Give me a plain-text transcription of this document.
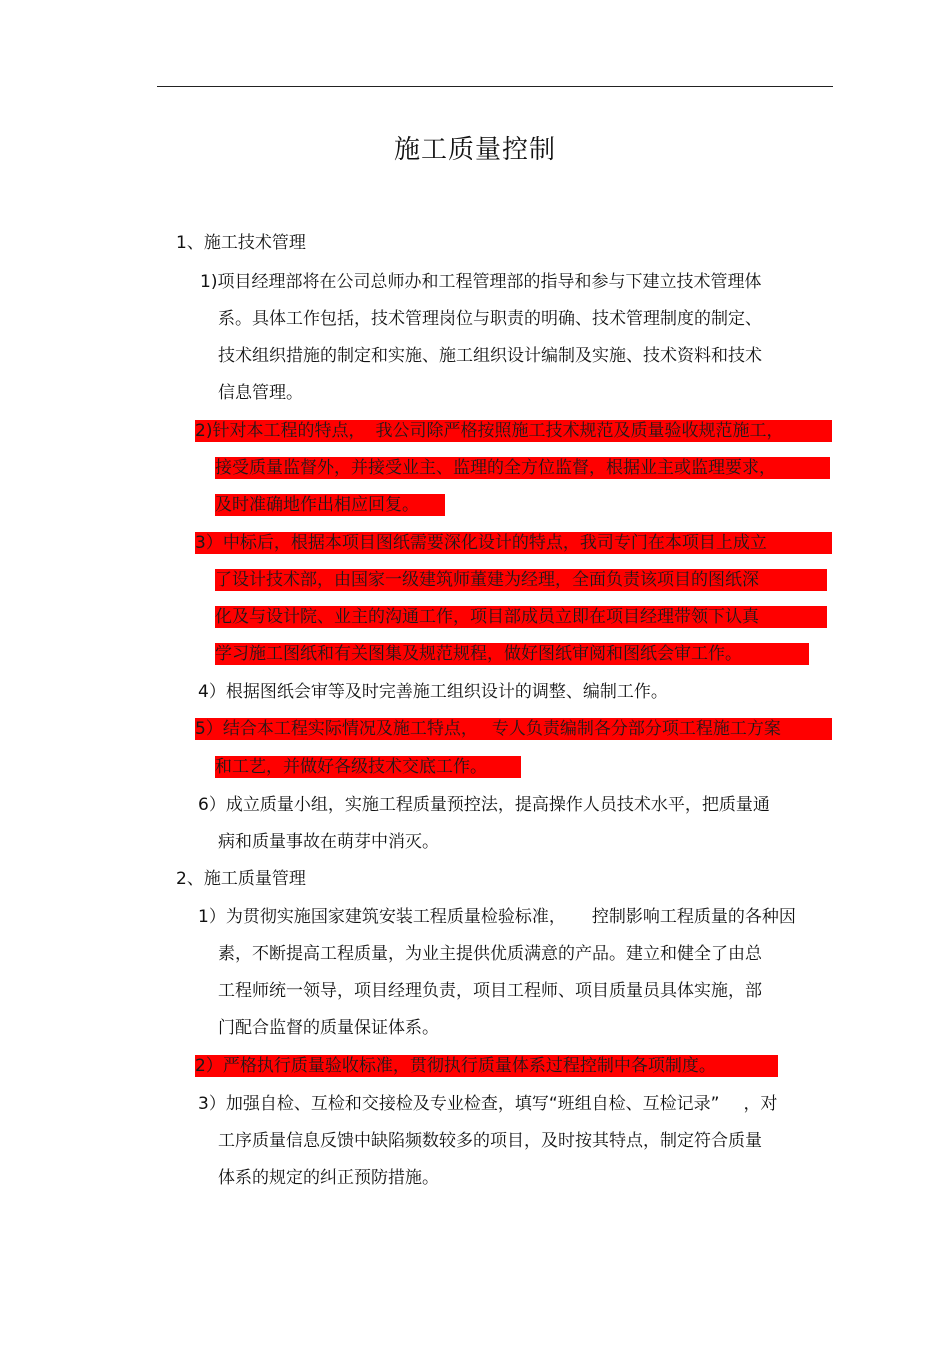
施工质量控制
1、施工技术管理
1)项目经理部将在公司总师办和工程管理部的指导和参与下建立技术管理体
系。具体工作包括，技术管理岗位与职责的明确、技术管理制度的制定、
技术组织措施的制定和实施、施工组织设计编制及实施、技术资料和技术
信息管理。
2)针对本工程的特点， 我公司除严格按照施工技术规范及质量验收规范施工，
接受质量监督外，并接受业主、监理的全方位监督，根据业主或监理要求，
及时准确地作出相应回复。
3）中标后，根据本项目图纸需要深化设计的特点，我司专门在本项目上成立
了设计技术部，由国家一级建筑师董建为经理，全面负责该项目的图纸深
化及与设计院、业主的沟通工作，项目部成员立即在项目经理带领下认真
学习施工图纸和有关图集及规范规程，做好图纸审阅和图纸会审工作。
4）根据图纸会审等及时完善施工组织设计的调整、编制工作。
5）结合本工程实际情况及施工特点， 专人负责编制各分部分项工程施工方案
和工艺，并做好各级技术交底工作。
6）成立质量小组，实施工程质量预控法，提高操作人员技术水平，把质量通
病和质量事故在萌芽中消灭。
2、施工质量管理
1）为贯彻实施国家建筑安装工程质量检验标准， 控制影响工程质量的各种因
素，不断提高工程质量，为业主提供优质满意的产品。建立和健全了由总
工程师统一领导，项目经理负责，项目工程师、项目质量员具体实施，部
门配合监督的质量保证体系。
2）严格执行质量验收标准，贯彻执行质量体系过程控制中各项制度。
3）加强自检、互检和交接检及专业检查，填写“班组自检、互检记录” ，对
工序质量信息反馈中缺陷频数较多的项目，及时按其特点，制定符合质量
体系的规定的纠正预防措施。
